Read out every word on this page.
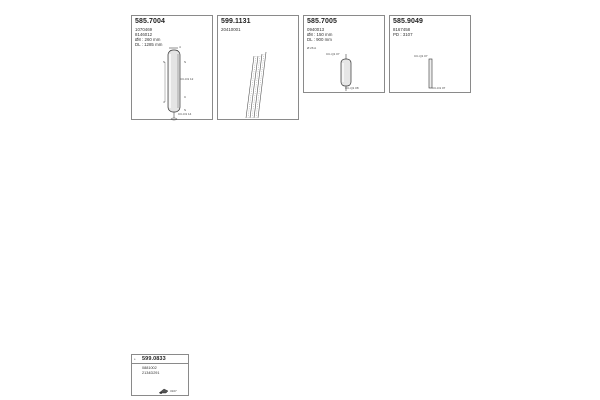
585.7004
1070469
8146012
Ø8 : 260 mm
DL : 1285 mm	4
S	S
C
4
S
CC-D1 12
CC-D1 14
599.1131
20410001
585.7005
0940013
Ø8 : 150 mm
DL : 900 mm
Ø 26 A
CC-Q1 07
CC-Q1 08
585.9049
8167458
PD : 3107
CC-Q1 07
CC-D1 07
* 599.0833
0881002
2134D291
3107
